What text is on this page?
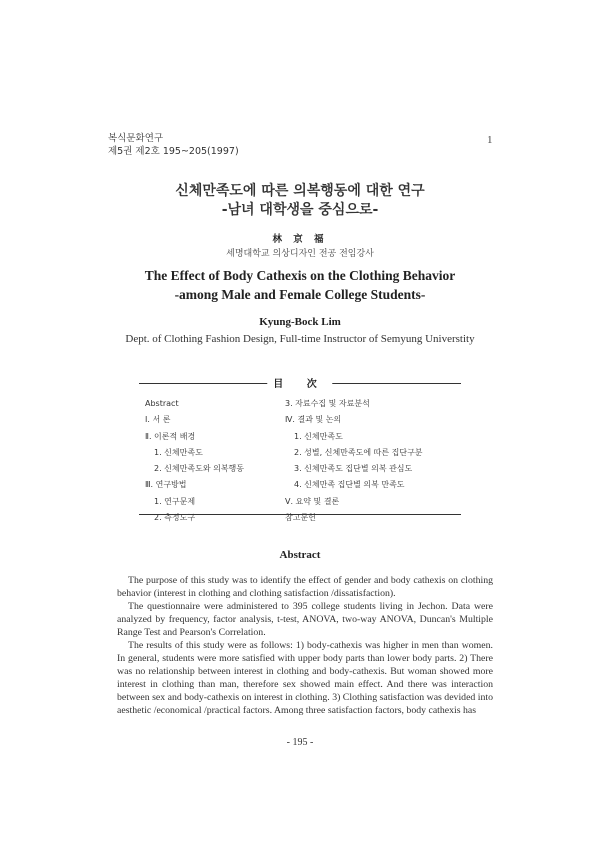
복식문화연구
제5권 제2호 195~205(1997)
1
신체만족도에 따른 의복행동에 대한 연구
-남녀 대학생을 중심으로-
林 京 福
세명대학교 의상디자인 전공 전임강사
The Effect of Body Cathexis on the Clothing Behavior
-among Male and Female College Students-
Kyung-Bock Lim
Dept. of Clothing Fashion Design, Full-time Instructor of Semyung Universtity
目 次
Abstract
Ⅰ. 서 론
Ⅱ. 이론적 배경
1. 신체만족도
2. 신체만족도와 의복행동
Ⅲ. 연구방법
1. 연구문제
2. 측정도구
3. 자료수집 및 자료분석
Ⅳ. 결과 및 논의
1. 신체만족도
2. 성별, 신체만족도에 따른 집단구분
3. 신체만족도 집단별 의복 관심도
4. 신체만족 집단별 의복 만족도
Ⅴ. 요약 및 결론
참고문헌
Abstract

The purpose of this study was to identify the effect of gender and body cathexis on clothing behavior (interest in clothing and clothing satisfaction /dissatisfaction).

The questionnaire were administered to 395 college students living in Jechon. Data were analyzed by frequency, factor analysis, t-test, ANOVA, two-way ANOVA, Duncan's Multiple Range Test and Pearson's Correlation.

The results of this study were as follows: 1) body-cathexis was higher in men than women. In general, students were more satisfied with upper body parts than lower body parts. 2) There was no relationship between interest in clothing and body-cathexis. But woman showed more interest in clothing than man, therefore sex showed main effect. And there was interaction between sex and body-cathexis on interest in clothing. 3) Clothing satisfaction was devided into aesthetic /economical /practical factors. Among three satisfaction factors, body cathexis has

- 195 -
